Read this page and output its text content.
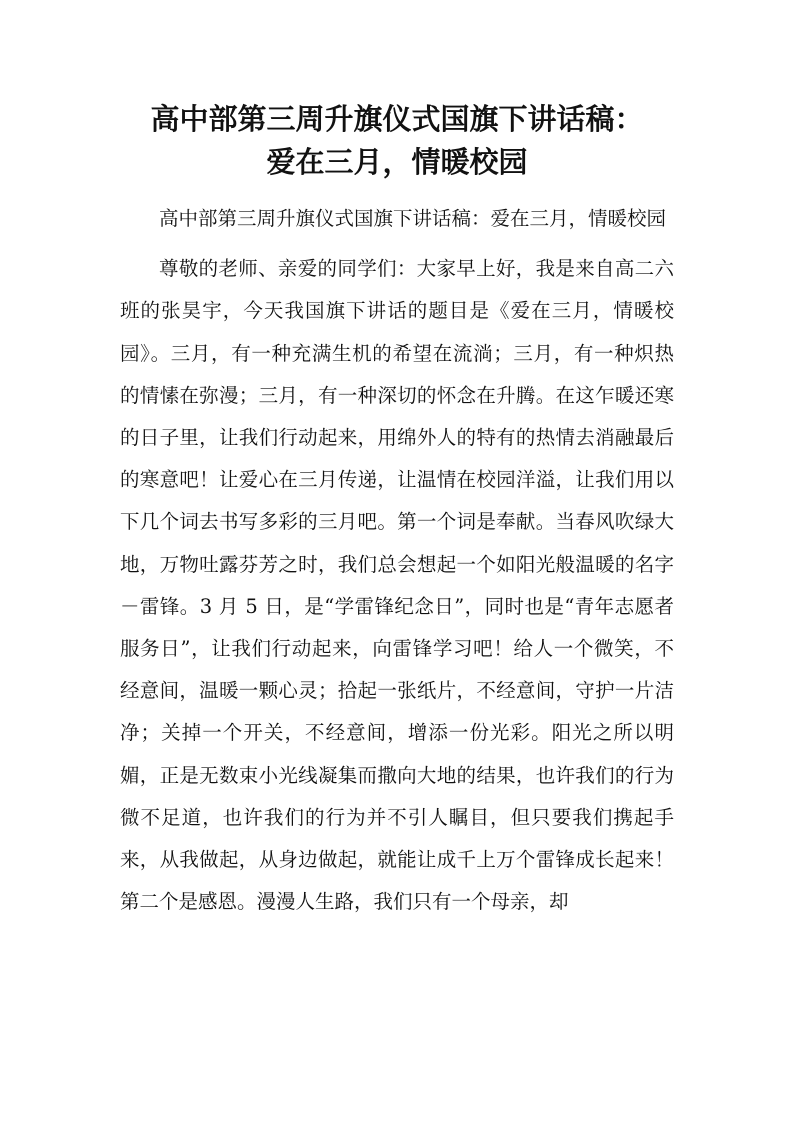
高中部第三周升旗仪式国旗下讲话稿：
爱在三月，情暖校园

高中部第三周升旗仪式国旗下讲话稿：爱在三月，情暖校园

尊敬的老师、亲爱的同学们：大家早上好，我是来自高二六班的张昊宇，今天我国旗下讲话的题目是《爱在三月，情暖校园》。三月，有一种充满生机的希望在流淌；三月，有一种炽热的情愫在弥漫；三月，有一种深切的怀念在升腾。在这乍暖还寒的日子里，让我们行动起来，用绵外人的特有的热情去消融最后的寒意吧！让爱心在三月传递，让温情在校园洋溢，让我们用以下几个词去书写多彩的三月吧。第一个词是奉献。当春风吹绿大地，万物吐露芬芳之时，我们总会想起一个如阳光般温暖的名字－雷锋。3 月 5 日，是“学雷锋纪念日”，同时也是“青年志愿者服务日”，让我们行动起来，向雷锋学习吧！给人一个微笑，不经意间，温暖一颗心灵；拾起一张纸片，不经意间，守护一片洁净；关掉一个开关，不经意间，增添一份光彩。阳光之所以明媚，正是无数束小光线凝集而撒向大地的结果，也许我们的行为微不足道，也许我们的行为并不引人瞩目，但只要我们携起手来，从我做起，从身边做起，就能让成千上万个雷锋成长起来！第二个是感恩。漫漫人生路，我们只有一个母亲，却
